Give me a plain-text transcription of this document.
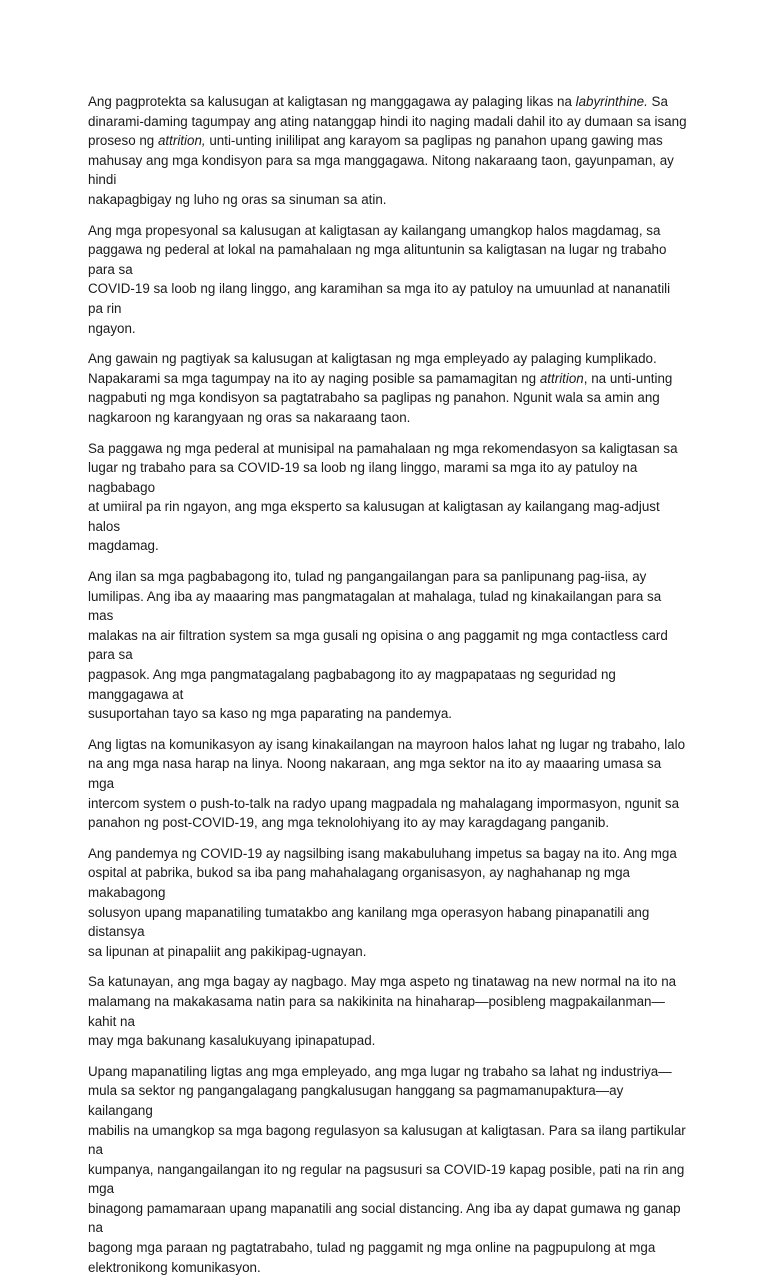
Ang pagprotekta sa kalusugan at kaligtasan ng manggagawa ay palaging likas na labyrinthine. Sa
dinarami-daming tagumpay ang ating natanggap hindi ito naging madali dahil ito ay dumaan sa isang
proseso ng attrition, unti-unting inililipat ang karayom sa paglipas ng panahon upang gawing mas
mahusay ang mga kondisyon para sa mga manggagawa. Nitong nakaraang taon, gayunpaman, ay hindi
nakapagbigay ng luho ng oras sa sinuman sa atin.

Ang mga propesyonal sa kalusugan at kaligtasan ay kailangang umangkop halos magdamag, sa
paggawa ng pederal at lokal na pamahalaan ng mga alituntunin sa kaligtasan na lugar ng trabaho para sa
COVID-19 sa loob ng ilang linggo, ang karamihan sa mga ito ay patuloy na umuunlad at nananatili pa rin
ngayon.

Ang gawain ng pagtiyak sa kalusugan at kaligtasan ng mga empleyado ay palaging kumplikado.
Napakarami sa mga tagumpay na ito ay naging posible sa pamamagitan ng attrition, na unti-unting
nagpabuti ng mga kondisyon sa pagtatrabaho sa paglipas ng panahon. Ngunit wala sa amin ang
nagkaroon ng karangyaan ng oras sa nakaraang taon.

Sa paggawa ng mga pederal at munisipal na pamahalaan ng mga rekomendasyon sa kaligtasan sa
lugar ng trabaho para sa COVID-19 sa loob ng ilang linggo, marami sa mga ito ay patuloy na nagbabago
at umiiral pa rin ngayon, ang mga eksperto sa kalusugan at kaligtasan ay kailangang mag-adjust halos
magdamag.

Ang ilan sa mga pagbabagong ito, tulad ng pangangailangan para sa panlipunang pag-iisa, ay
lumilipas. Ang iba ay maaaring mas pangmatagalan at mahalaga, tulad ng kinakailangan para sa mas
malakas na air filtration system sa mga gusali ng opisina o ang paggamit ng mga contactless card para sa
pagpasok. Ang mga pangmatagalang pagbabagong ito ay magpapataas ng seguridad ng manggagawa at
susuportahan tayo sa kaso ng mga paparating na pandemya.

Ang ligtas na komunikasyon ay isang kinakailangan na mayroon halos lahat ng lugar ng trabaho, lalo
na ang mga nasa harap na linya. Noong nakaraan, ang mga sektor na ito ay maaaring umasa sa mga
intercom system o push-to-talk na radyo upang magpadala ng mahalagang impormasyon, ngunit sa
panahon ng post-COVID-19, ang mga teknolohiyang ito ay may karagdagang panganib.

Ang pandemya ng COVID-19 ay nagsilbing isang makabuluhang impetus sa bagay na ito. Ang mga
ospital at pabrika, bukod sa iba pang mahahalagang organisasyon, ay naghahanap ng mga makabagong
solusyon upang mapanatiling tumatakbo ang kanilang mga operasyon habang pinapanatili ang distansya
sa lipunan at pinapaliit ang pakikipag-ugnayan.

Sa katunayan, ang mga bagay ay nagbago. May mga aspeto ng tinatawag na new normal na ito na
malamang na makakasama natin para sa nakikinita na hinaharap—posibleng magpakailanman—kahit na
may mga bakunang kasalukuyang ipinapatupad.

Upang mapanatiling ligtas ang mga empleyado, ang mga lugar ng trabaho sa lahat ng industriya—
mula sa sektor ng pangangalagang pangkalusugan hanggang sa pagmamanupaktura—ay kailangang
mabilis na umangkop sa mga bagong regulasyon sa kalusugan at kaligtasan. Para sa ilang partikular na
kumpanya, nangangailangan ito ng regular na pagsusuri sa COVID-19 kapag posible, pati na rin ang mga
binagong pamamaraan upang mapanatili ang social distancing. Ang iba ay dapat gumawa ng ganap na
bagong mga paraan ng pagtatrabaho, tulad ng paggamit ng mga online na pagpupulong at mga
elektronikong komunikasyon.
